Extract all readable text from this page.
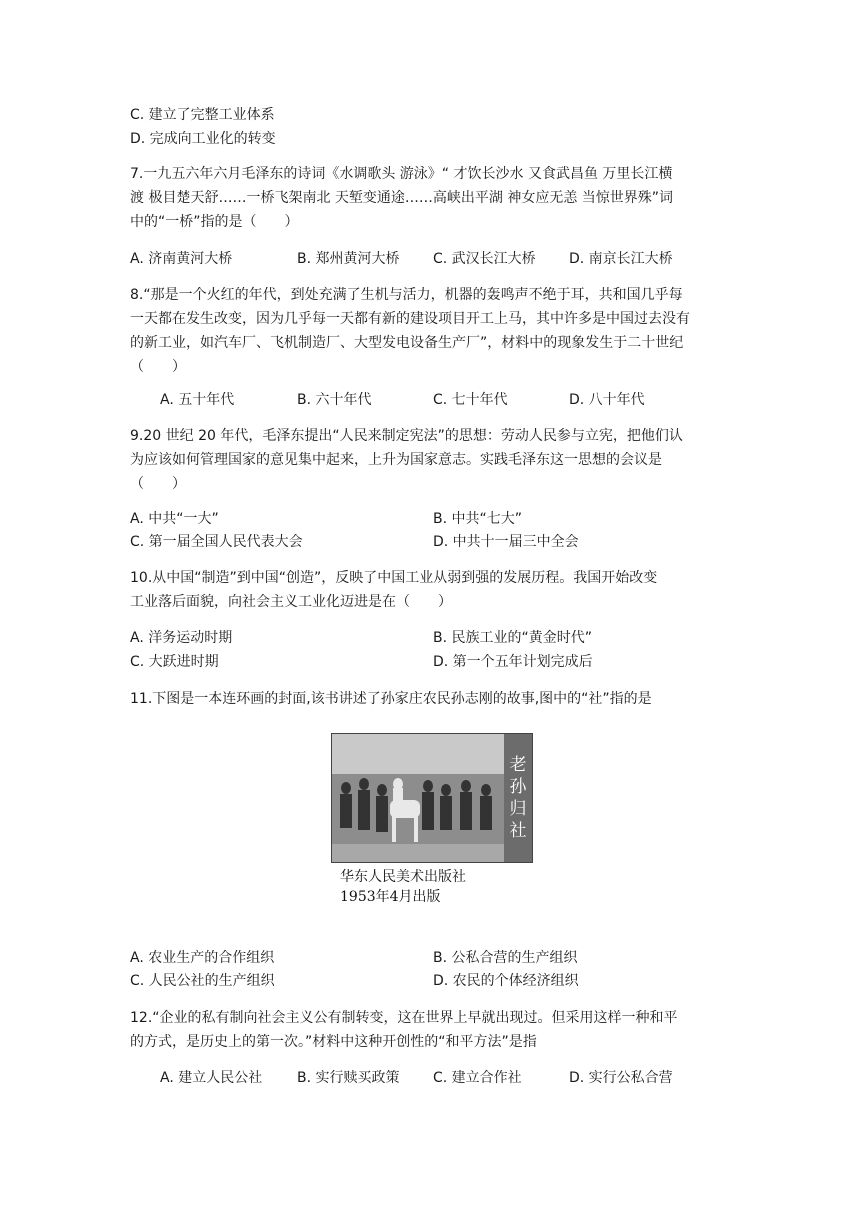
C. 建立了完整工业体系
D. 完成向工业化的转变
7.一九五六年六月毛泽东的诗词《水调歌头 游泳》“ 才饮长沙水 又食武昌鱼 万里长江横
渡 极目楚天舒……一桥飞架南北 天堑变通途……高峡出平湖 神女应无恙 当惊世界殊”词
中的“一桥”指的是（　　）
A. 济南黄河大桥	B. 郑州黄河大桥 C. 武汉长江大桥 D. 南京长江大桥
8.“那是一个火红的年代，到处充满了生机与活力，机器的轰鸣声不绝于耳，共和国几乎每
一天都在发生改变，因为几乎每一天都有新的建设项目开工上马，其中许多是中国过去没有
的新工业，如汽车厂、飞机制造厂、大型发电设备生产厂”，材料中的现象发生于二十世纪
（　　）
A. 五十年代	B. 六十年代	C. 七十年代	D. 八十年代
9.20 世纪 20 年代，毛泽东提出“人民来制定宪法”的思想：劳动人民参与立宪，把他们认
为应该如何管理国家的意见集中起来，上升为国家意志。实践毛泽东这一思想的会议是
（　　）
A. 中共“一大”	B. 中共“七大”
C. 第一届全国人民代表大会	D. 中共十一届三中全会
10.从中国“制造”到中国“创造”，反映了中国工业从弱到强的发展历程。我国开始改变
工业落后面貌，向社会主义工业化迈进是在（　　）
A. 洋务运动时期	B. 民族工业的“黄金时代”
C. 大跃进时期	D. 第一个五年计划完成后
11.下图是一本连环画的封面,该书讲述了孙家庄农民孙志刚的故事,图中的“社”指的是
老
孙
归
社
华东人民美术出版社
1953年4月出版
A. 农业生产的合作组织	B. 公私合营的生产组织
C. 人民公社的生产组织	D. 农民的个体经济组织
12.“企业的私有制向社会主义公有制转变，这在世界上早就出现过。但采用这样一种和平
的方式，是历史上的第一次。”材料中这种开创性的“和平方法”是指
A. 建立人民公社 B. 实行赎买政策 C. 建立合作社	D. 实行公私合营
